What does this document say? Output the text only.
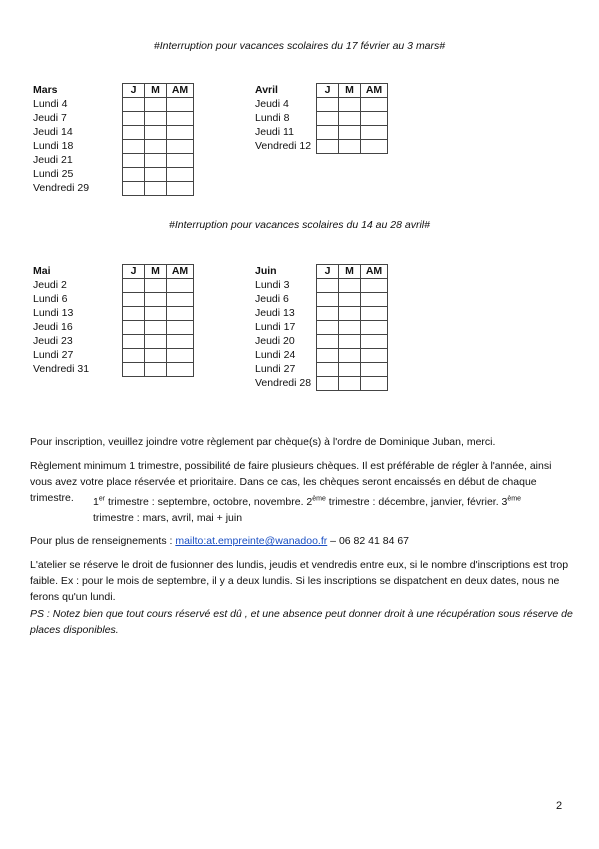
#Interruption pour vacances scolaires du 17 février au 3 mars#
Mars	J	M	AM
Lundi 4			
Jeudi 7			
Jeudi 14			
Lundi 18			
Jeudi 21			
Lundi 25			
Vendredi 29			
Avril	J	M	AM
Jeudi 4			
Lundi 8			
Jeudi 11			
Vendredi 12			
#Interruption pour vacances scolaires du 14 au 28 avril#
Mai	J	M	AM
Jeudi 2			
Lundi 6			
Lundi 13			
Jeudi 16			
Jeudi 23			
Lundi 27			
Vendredi 31			
Juin	J	M	AM
Lundi 3			
Jeudi 6			
Jeudi 13			
Lundi 17			
Jeudi 20			
Lundi 24			
Lundi 27			
Vendredi 28			
Pour inscription, veuillez joindre votre règlement par chèque(s) à l'ordre de Dominique Juban, merci.
Règlement minimum 1 trimestre, possibilité de faire plusieurs chèques. Il est préférable de régler à l'année, ainsi vous avez votre place réservée et prioritaire. Dans ce cas, les chèques seront encaissés en début de chaque trimestre.	1er trimestre : septembre, octobre, novembre. 2ème trimestre : décembre, janvier, février. 3ème trimestre : mars, avril, mai + juin
Pour plus de renseignements : mailto:at.empreinte@wanadoo.fr – 06 82 41 84 67
L'atelier se réserve le droit de fusionner des lundis, jeudis et vendredis entre eux, si le nombre d'inscriptions est trop faible. Ex : pour le mois de septembre, il y a deux lundis. Si les inscriptions se dispatchent en deux dates, nous ne ferons qu'un lundi.
PS : Notez bien que tout cours réservé est dû , et une absence peut donner droit à une récupération sous réserve de places disponibles.
2
